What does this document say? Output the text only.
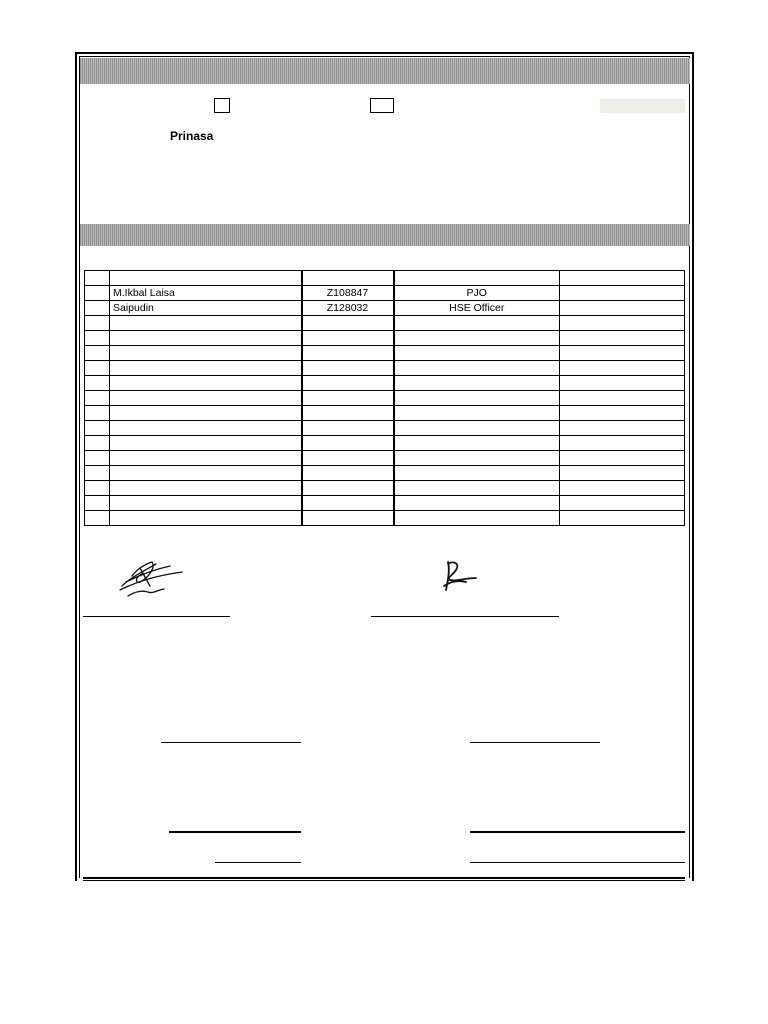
Prinasa

	M.Ikbal Laisa	Z108847	PJO	
	Saipudin	Z128032	HSE Officer	
